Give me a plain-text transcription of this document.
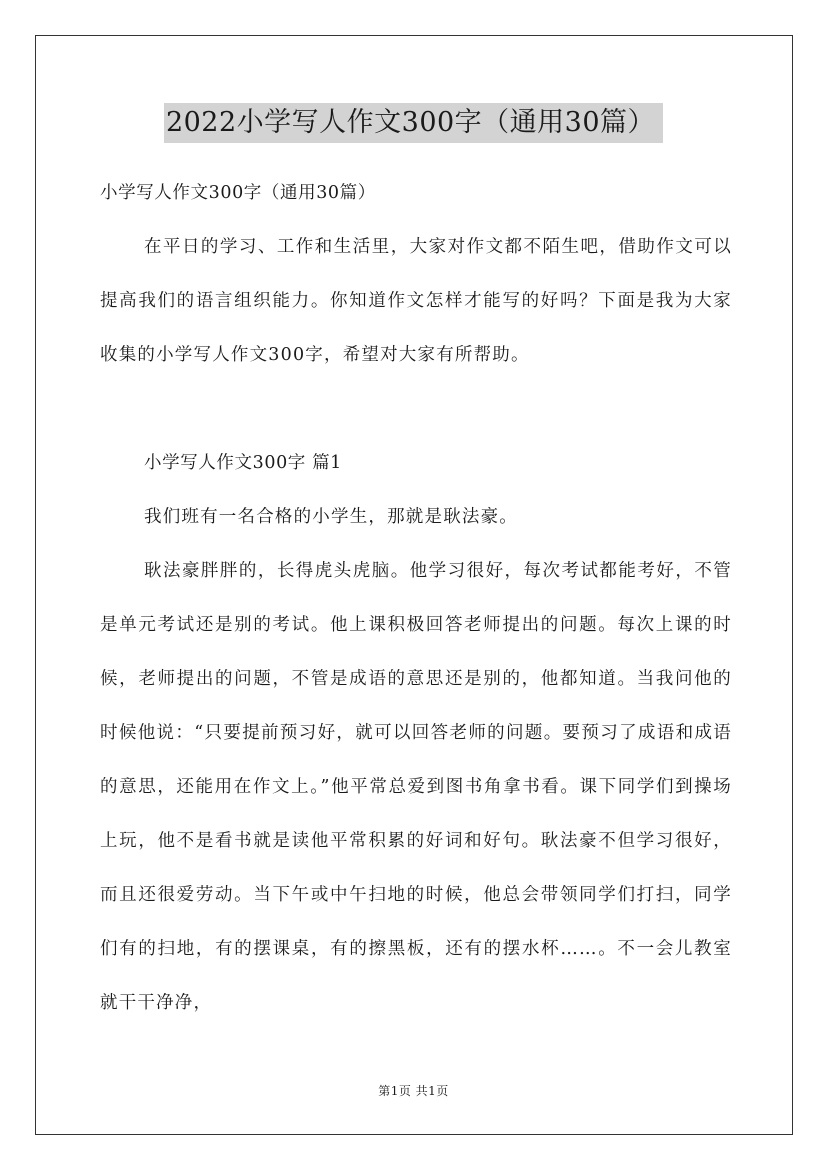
2022小学写人作文300字（通用30篇）

小学写人作文300字（通用30篇）

在平日的学习、工作和生活里，大家对作文都不陌生吧，借助作文可以提高我们的语言组织能力。你知道作文怎样才能写的好吗？下面是我为大家收集的小学写人作文300字，希望对大家有所帮助。

小学写人作文300字 篇1

我们班有一名合格的小学生，那就是耿法豪。

耿法豪胖胖的，长得虎头虎脑。他学习很好，每次考试都能考好，不管是单元考试还是别的考试。他上课积极回答老师提出的问题。每次上课的时候，老师提出的问题，不管是成语的意思还是别的，他都知道。当我问他的时候他说：“只要提前预习好，就可以回答老师的问题。要预习了成语和成语的意思，还能用在作文上。”他平常总爱到图书角拿书看。课下同学们到操场上玩，他不是看书就是读他平常积累的好词和好句。耿法豪不但学习很好，而且还很爱劳动。当下午或中午扫地的时候，他总会带领同学们打扫，同学们有的扫地，有的摆课桌，有的擦黑板，还有的摆水杯……。不一会儿教室就干干净净，

第1页 共1页
